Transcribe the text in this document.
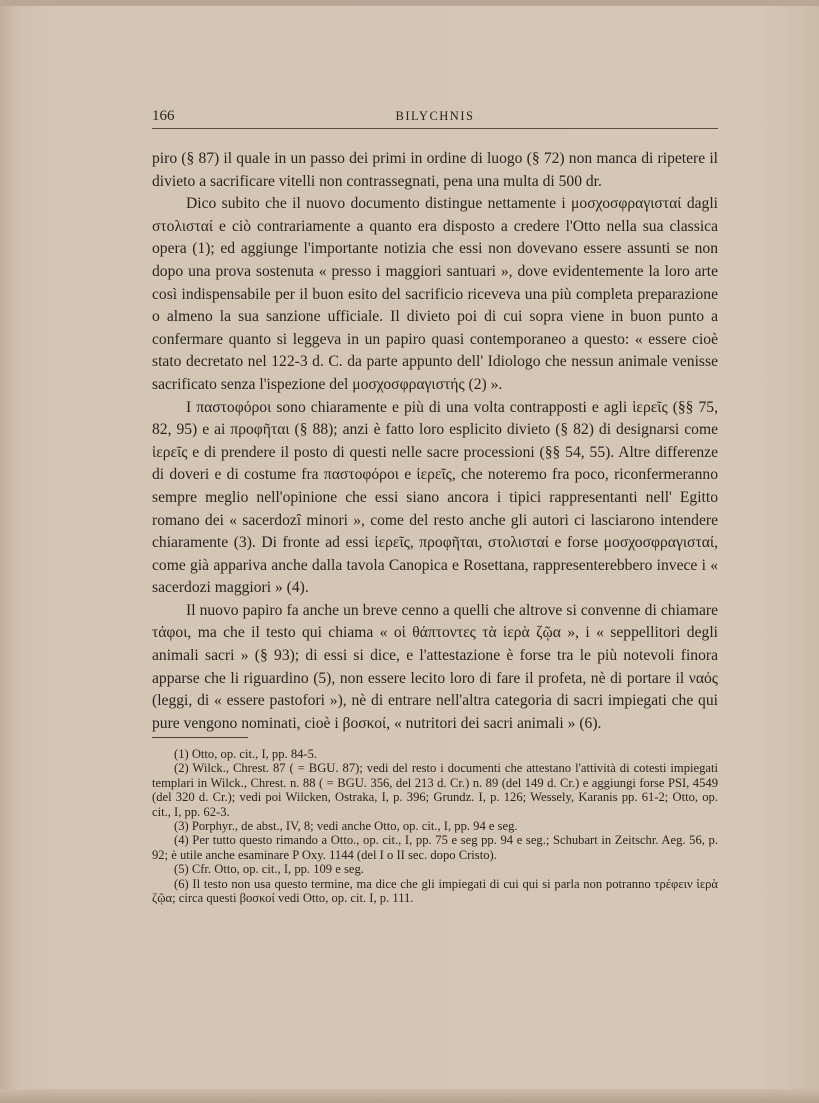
166	BILYCHNIS

piro (§ 87) il quale in un passo dei primi in ordine di luogo (§ 72) non manca di ripetere il divieto a sacrificare vitelli non contrassegnati, pena una multa di 500 dr.

Dico subito che il nuovo documento distingue nettamente i μοσχοσφραγισταί dagli στολισταί e ciò contrariamente a quanto era disposto a credere l'Otto nella sua classica opera (1); ed aggiunge l'importante notizia che essi non dovevano essere assunti se non dopo una prova sostenuta « presso i maggiori santuari », dove evidentemente la loro arte così indispensabile per il buon esito del sacrificio riceveva una più completa preparazione o almeno la sua sanzione ufficiale. Il divieto poi di cui sopra viene in buon punto a confermare quanto si leggeva in un papiro quasi contemporaneo a questo: « essere cioè stato decretato nel 122-3 d. C. da parte appunto dell' Idiologo che nessun animale venisse sacrificato senza l'ispezione del μοσχοσφραγιστής (2) ».

I παστοφόροι sono chiaramente e più di una volta contrapposti e agli ἱερεῖς (§§ 75, 82, 95) e ai προφῆται (§ 88); anzi è fatto loro esplicito divieto (§ 82) di designarsi come ἱερεῖς e di prendere il posto di questi nelle sacre processioni (§§ 54, 55). Altre differenze di doveri e di costume fra παστοφόροι e ἱερεῖς, che noteremo fra poco, riconfermeranno sempre meglio nell'opinione che essi siano ancora i tipici rappresentanti nell' Egitto romano dei « sacerdozî minori », come del resto anche gli autori ci lasciarono intendere chiaramente (3). Di fronte ad essi ἱερεῖς, προφῆται, στολισταί e forse μοσχοσφραγισταί, come già appariva anche dalla tavola Canopica e Rosettana, rappresenterebbero invece i « sacerdozi maggiori » (4).

Il nuovo papiro fa anche un breve cenno a quelli che altrove si convenne di chiamare τάφοι, ma che il testo qui chiama « οἱ θάπτοντες τὰ ἱερὰ ζῷα », i « seppellitori degli animali sacri » (§ 93); di essi si dice, e l'attestazione è forse tra le più notevoli finora apparse che li riguardino (5), non essere lecito loro di fare il profeta, nè di portare il ναός (leggi, di « essere pastofori »), nè di entrare nell'altra categoria di sacri impiegati che qui pure vengono nominati, cioè i βοσκοί, « nutritori dei sacri animali » (6).

(1) Otto, op. cit., I, pp. 84-5.

(2) Wilck., Chrest. 87 ( = BGU. 87); vedi del resto i documenti che attestano l'attività di cotesti impiegati templari in Wilck., Chrest. n. 88 ( = BGU. 356, del 213 d. Cr.) n. 89 (del 149 d. Cr.) e aggiungi forse PSI, 4549 (del 320 d. Cr.); vedi poi Wilcken, Ostraka, I, p. 396; Grundz. I, p. 126; Wessely, Karanis pp. 61-2; Otto, op. cit., I, pp. 62-3.

(3) Porphyr., de abst., IV, 8; vedi anche Otto, op. cit., I, pp. 94 e seg.

(4) Per tutto questo rimando a Otto., op. cit., I, pp. 75 e seg pp. 94 e seg.; Schubart in Zeitschr. Aeg. 56, p. 92; è utile anche esaminare P Oxy. 1144 (del I o II sec. dopo Cristo).

(5) Cfr. Otto, op. cit., I, pp. 109 e seg.

(6) Il testo non usa questo termine, ma dice che gli impiegati di cui qui si parla non potranno τρέφειν ἱερὰ ζῷα; circa questi βοσκοί vedi Otto, op. cit. I, p. 111.
